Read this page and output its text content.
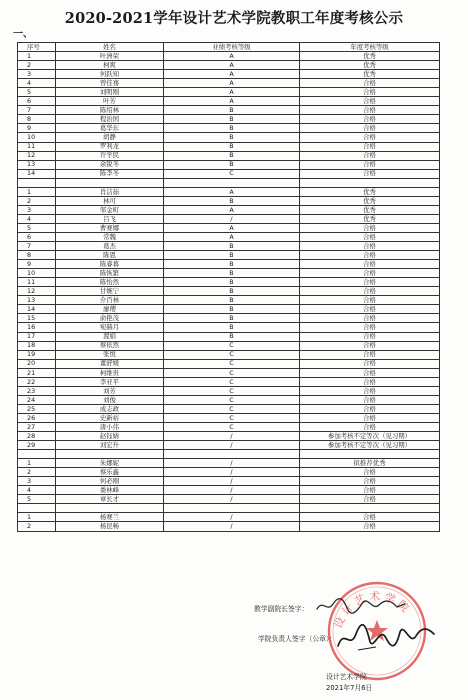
2020-2021学年设计艺术学院教职工年度考核公示
一、
序号	姓名	业绩考核等级	年度考核等级
1	叶洲荣	A	优秀
2	柯爽	A	优秀
3	何跃知	A	优秀
4	曾佳骞	A	合格
5	刘明刚	A	合格
6	叶芳	A	合格
7	陈绍林	B	合格
8	程治国	B	合格
9	葛华东	B	合格
10	胡静	B	合格
11	罗利龙	B	合格
12	许学民	B	合格
13	余锐冬	B	合格
14	陈李冬	C	合格

1	肖洁茹	A	优秀
2	林可	B	优秀
3	邹金町	A	优秀
4	吕飞	/	优秀
5	曹赛娜	A	合格
6	常魏	A	合格
7	葛杰	B	合格
8	陈恩	B	合格
9	陈睿暮	B	合格
10	陈恢繁	B	合格
11	陈怡然	B	合格
12	甘婉宁	B	合格
13	介百林	B	合格
14	廖璎	B	合格
15	俞艳茂	B	合格
16	宛赫月	B	合格
17	渥娟	B	合格
18	蔡依然	C	合格
19	张悦	C	合格
20	董舒媛	C	合格
21	柯维贵	C	合格
22	李亚平	C	合格
23	刘芳	C	合格
24	刘俊	C	合格
25	成志政	C	合格
26	史新裕	C	合格
27	唐小伟	C	合格
28	赵钰婧	/	参加考核不定等次（见习期）
29	刘宏升	/	参加考核不定等次（见习期）

1	朱娜妮	/	拟推荐优秀
2	蔡乐鑫	/	合格
3	何必刚	/	合格
4	娄林峰	/	合格
5	章长才	/	合格

1	杨赛兰	/	合格
2	杨昆畅	/	合格
教学副院长签字：
学院负责人签字（公章）：
设计艺术学院
设计艺术学院
2021年7月6日
